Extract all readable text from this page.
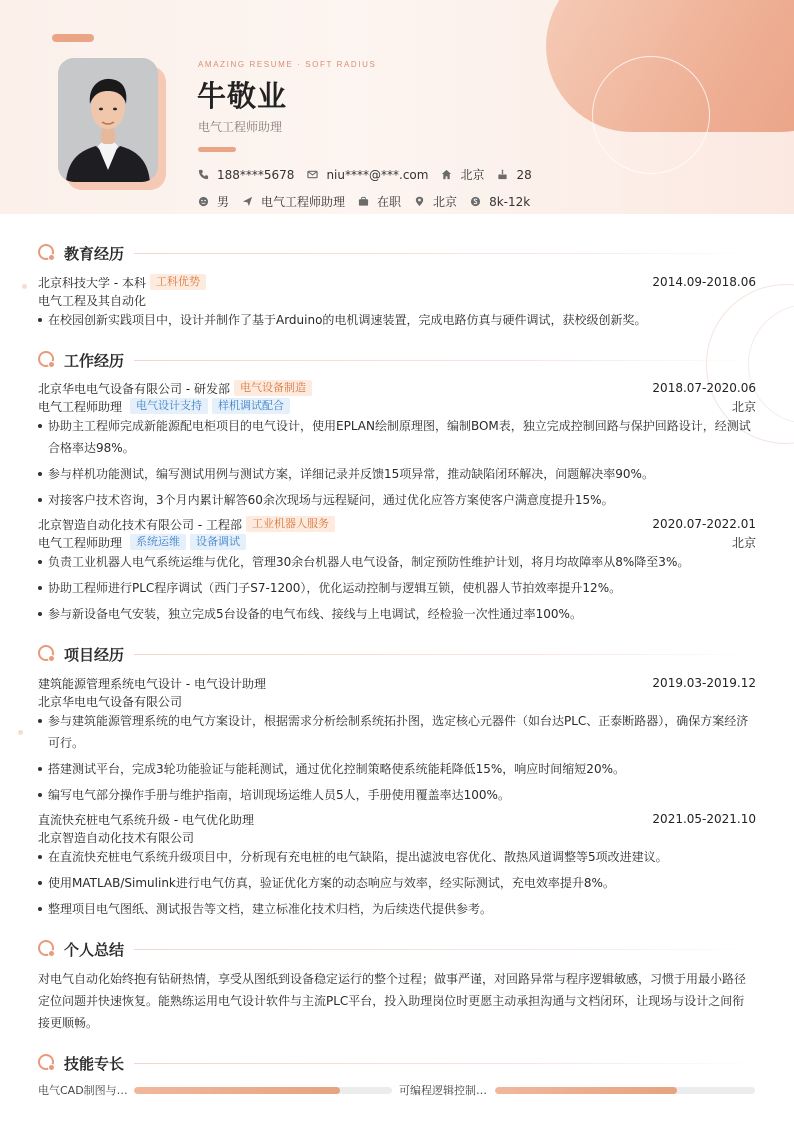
AMAZING RESUME · SOFT RADIUS
牛敬业
电气工程师助理
188****5678	niu****@***.com	北京	28
男	电气工程师助理	在职	北京	8k-12k
教育经历
北京科技大学 - 本科 工科优势	2014.09-2018.06
电气工程及其自动化
在校园创新实践项目中，设计并制作了基于Arduino的电机调速装置，完成电路仿真与硬件调试，获校级创新奖。
工作经历
北京华电电气设备有限公司 - 研发部 电气设备制造	2018.07-2020.06
电气工程师助理	电气设计支持	样机调试配合	北京
协助主工程师完成新能源配电柜项目的电气设计，使用EPLAN绘制原理图，编制BOM表，独立完成控制回路与保护回路设计，经测试合格率达98%。
参与样机功能测试，编写测试用例与测试方案，详细记录并反馈15项异常，推动缺陷闭环解决，问题解决率90%。
对接客户技术咨询，3个月内累计解答60余次现场与远程疑问，通过优化应答方案使客户满意度提升15%。
北京智造自动化技术有限公司 - 工程部 工业机器人服务	2020.07-2022.01
电气工程师助理	系统运维	设备调试	北京
负责工业机器人电气系统运维与优化，管理30余台机器人电气设备，制定预防性维护计划，将月均故障率从8%降至3%。
协助工程师进行PLC程序调试（西门子S7-1200），优化运动控制与逻辑互锁，使机器人节拍效率提升12%。
参与新设备电气安装，独立完成5台设备的电气布线、接线与上电调试，经检验一次性通过率100%。
项目经历
建筑能源管理系统电气设计 - 电气设计助理	2019.03-2019.12
北京华电电气设备有限公司
参与建筑能源管理系统的电气方案设计，根据需求分析绘制系统拓扑图，选定核心元器件（如台达PLC、正泰断路器），确保方案经济可行。
搭建测试平台，完成3轮功能验证与能耗测试，通过优化控制策略使系统能耗降低15%，响应时间缩短20%。
编写电气部分操作手册与维护指南，培训现场运维人员5人，手册使用覆盖率达100%。
直流快充桩电气系统升级 - 电气优化助理	2021.05-2021.10
北京智造自动化技术有限公司
在直流快充桩电气系统升级项目中，分析现有充电桩的电气缺陷，提出滤波电容优化、散热风道调整等5项改进建议。
使用MATLAB/Simulink进行电气仿真，验证优化方案的动态响应与效率，经实际测试，充电效率提升8%。
整理项目电气图纸、测试报告等文档，建立标准化技术归档，为后续迭代提供参考。
个人总结
对电气自动化始终抱有钻研热情，享受从图纸到设备稳定运行的整个过程；做事严谨，对回路异常与程序逻辑敏感，习惯于用最小路径定位问题并快速恢复。能熟练运用电气设计软件与主流PLC平台，投入助理岗位时更愿主动承担沟通与文档闭环，让现场与设计之间衔接更顺畅。
技能专长
电气CAD制图与…	可编程逻辑控制…
